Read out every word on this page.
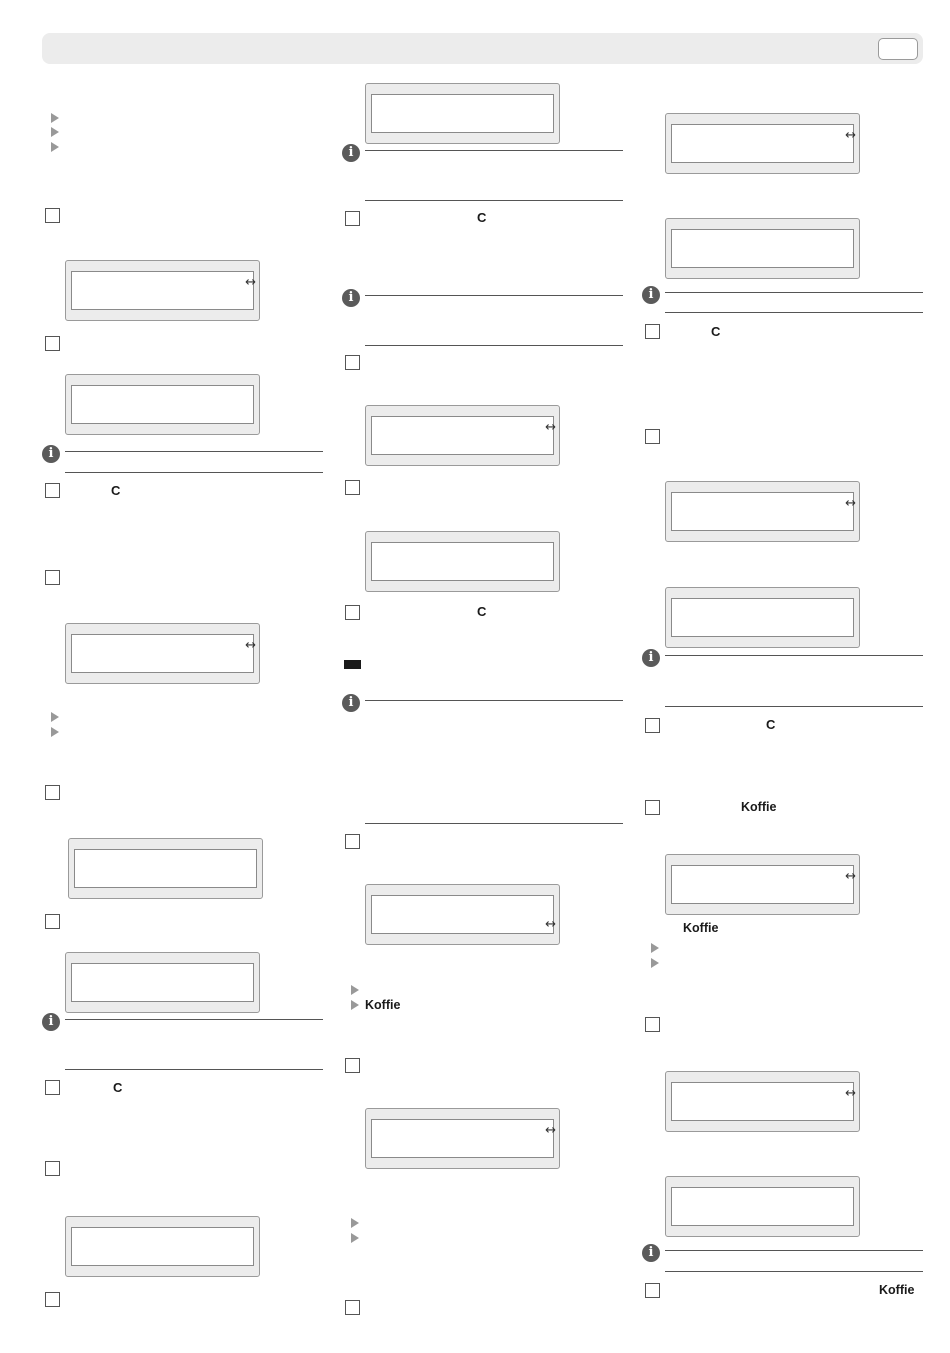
↔
i
C
↔
i
C
i
C
i
↔
C
i
↔
Koffie
↔
↔
i
C
↔
i
C
Koffie
↔
Koffie
↔
i
Koffie
